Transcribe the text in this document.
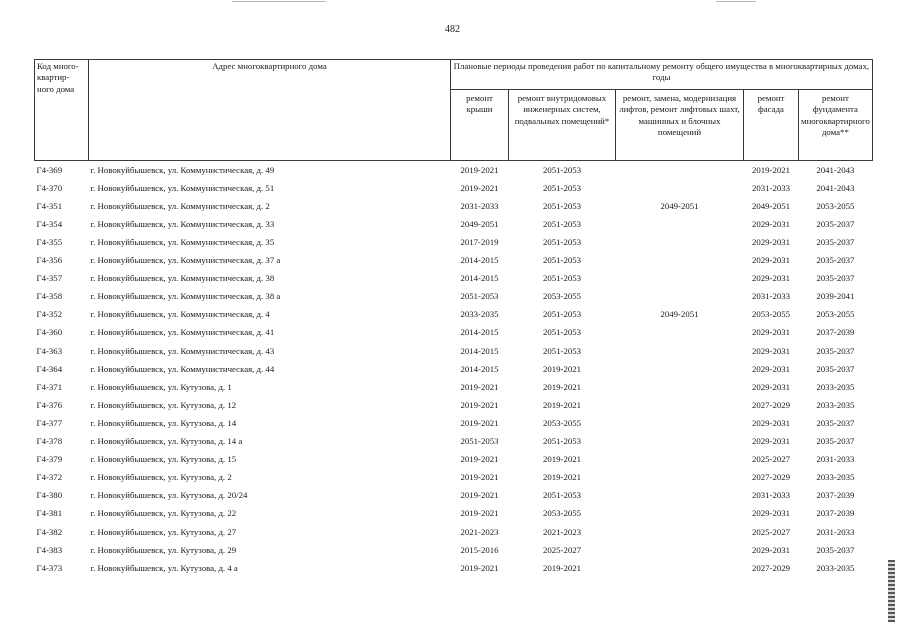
482
Код много-квартир-ного дома	Адрес многоквартирного дома	Плановые периоды проведения работ по капитальному ремонту общего имущества в многоквартирных домах, годы				
		ремонт крыши	ремонт внутридомовых инженерных систем, подвальных помещений*	ремонт, замена, модернизация лифтов, ремонт лифтовых шахт, машинных и блочных помещений	ремонт фасада	ремонт фундамента многоквартирного дома**
Г4-369	г. Новокуйбышевск, ул. Коммунистическая, д. 49	2019-2021	2051-2053		2019-2021	2041-2043
Г4-370	г. Новокуйбышевск, ул. Коммунистическая, д. 51	2019-2021	2051-2053		2031-2033	2041-2043
Г4-351	г. Новокуйбышевск, ул. Коммунистическая, д. 2	2031-2033	2051-2053	2049-2051	2049-2051	2053-2055
Г4-354	г. Новокуйбышевск, ул. Коммунистическая, д. 33	2049-2051	2051-2053		2029-2031	2035-2037
Г4-355	г. Новокуйбышевск, ул. Коммунистическая, д. 35	2017-2019	2051-2053		2029-2031	2035-2037
Г4-356	г. Новокуйбышевск, ул. Коммунистическая, д. 37 а	2014-2015	2051-2053		2029-2031	2035-2037
Г4-357	г. Новокуйбышевск, ул. Коммунистическая, д. 38	2014-2015	2051-2053		2029-2031	2035-2037
Г4-358	г. Новокуйбышевск, ул. Коммунистическая, д. 38 а	2051-2053	2053-2055		2031-2033	2039-2041
Г4-352	г. Новокуйбышевск, ул. Коммунистическая, д. 4	2033-2035	2051-2053	2049-2051	2053-2055	2053-2055
Г4-360	г. Новокуйбышевск, ул. Коммунистическая, д. 41	2014-2015	2051-2053		2029-2031	2037-2039
Г4-363	г. Новокуйбышевск, ул. Коммунистическая, д. 43	2014-2015	2051-2053		2029-2031	2035-2037
Г4-364	г. Новокуйбышевск, ул. Коммунистическая, д. 44	2014-2015	2019-2021		2029-2031	2035-2037
Г4-371	г. Новокуйбышевск, ул. Кутузова, д. 1	2019-2021	2019-2021		2029-2031	2033-2035
Г4-376	г. Новокуйбышевск, ул. Кутузова, д. 12	2019-2021	2019-2021		2027-2029	2033-2035
Г4-377	г. Новокуйбышевск, ул. Кутузова, д. 14	2019-2021	2053-2055		2029-2031	2035-2037
Г4-378	г. Новокуйбышевск, ул. Кутузова, д. 14 а	2051-2053	2051-2053		2029-2031	2035-2037
Г4-379	г. Новокуйбышевск, ул. Кутузова, д. 15	2019-2021	2019-2021		2025-2027	2031-2033
Г4-372	г. Новокуйбышевск, ул. Кутузова, д. 2	2019-2021	2019-2021		2027-2029	2033-2035
Г4-380	г. Новокуйбышевск, ул. Кутузова, д. 20/24	2019-2021	2051-2053		2031-2033	2037-2039
Г4-381	г. Новокуйбышевск, ул. Кутузова, д. 22	2019-2021	2053-2055		2029-2031	2037-2039
Г4-382	г. Новокуйбышевск, ул. Кутузова, д. 27	2021-2023	2021-2023		2025-2027	2031-2033
Г4-383	г. Новокуйбышевск, ул. Кутузова, д. 29	2015-2016	2025-2027		2029-2031	2035-2037
Г4-373	г. Новокуйбышевск, ул. Кутузова, д. 4 а	2019-2021	2019-2021		2027-2029	2033-2035
